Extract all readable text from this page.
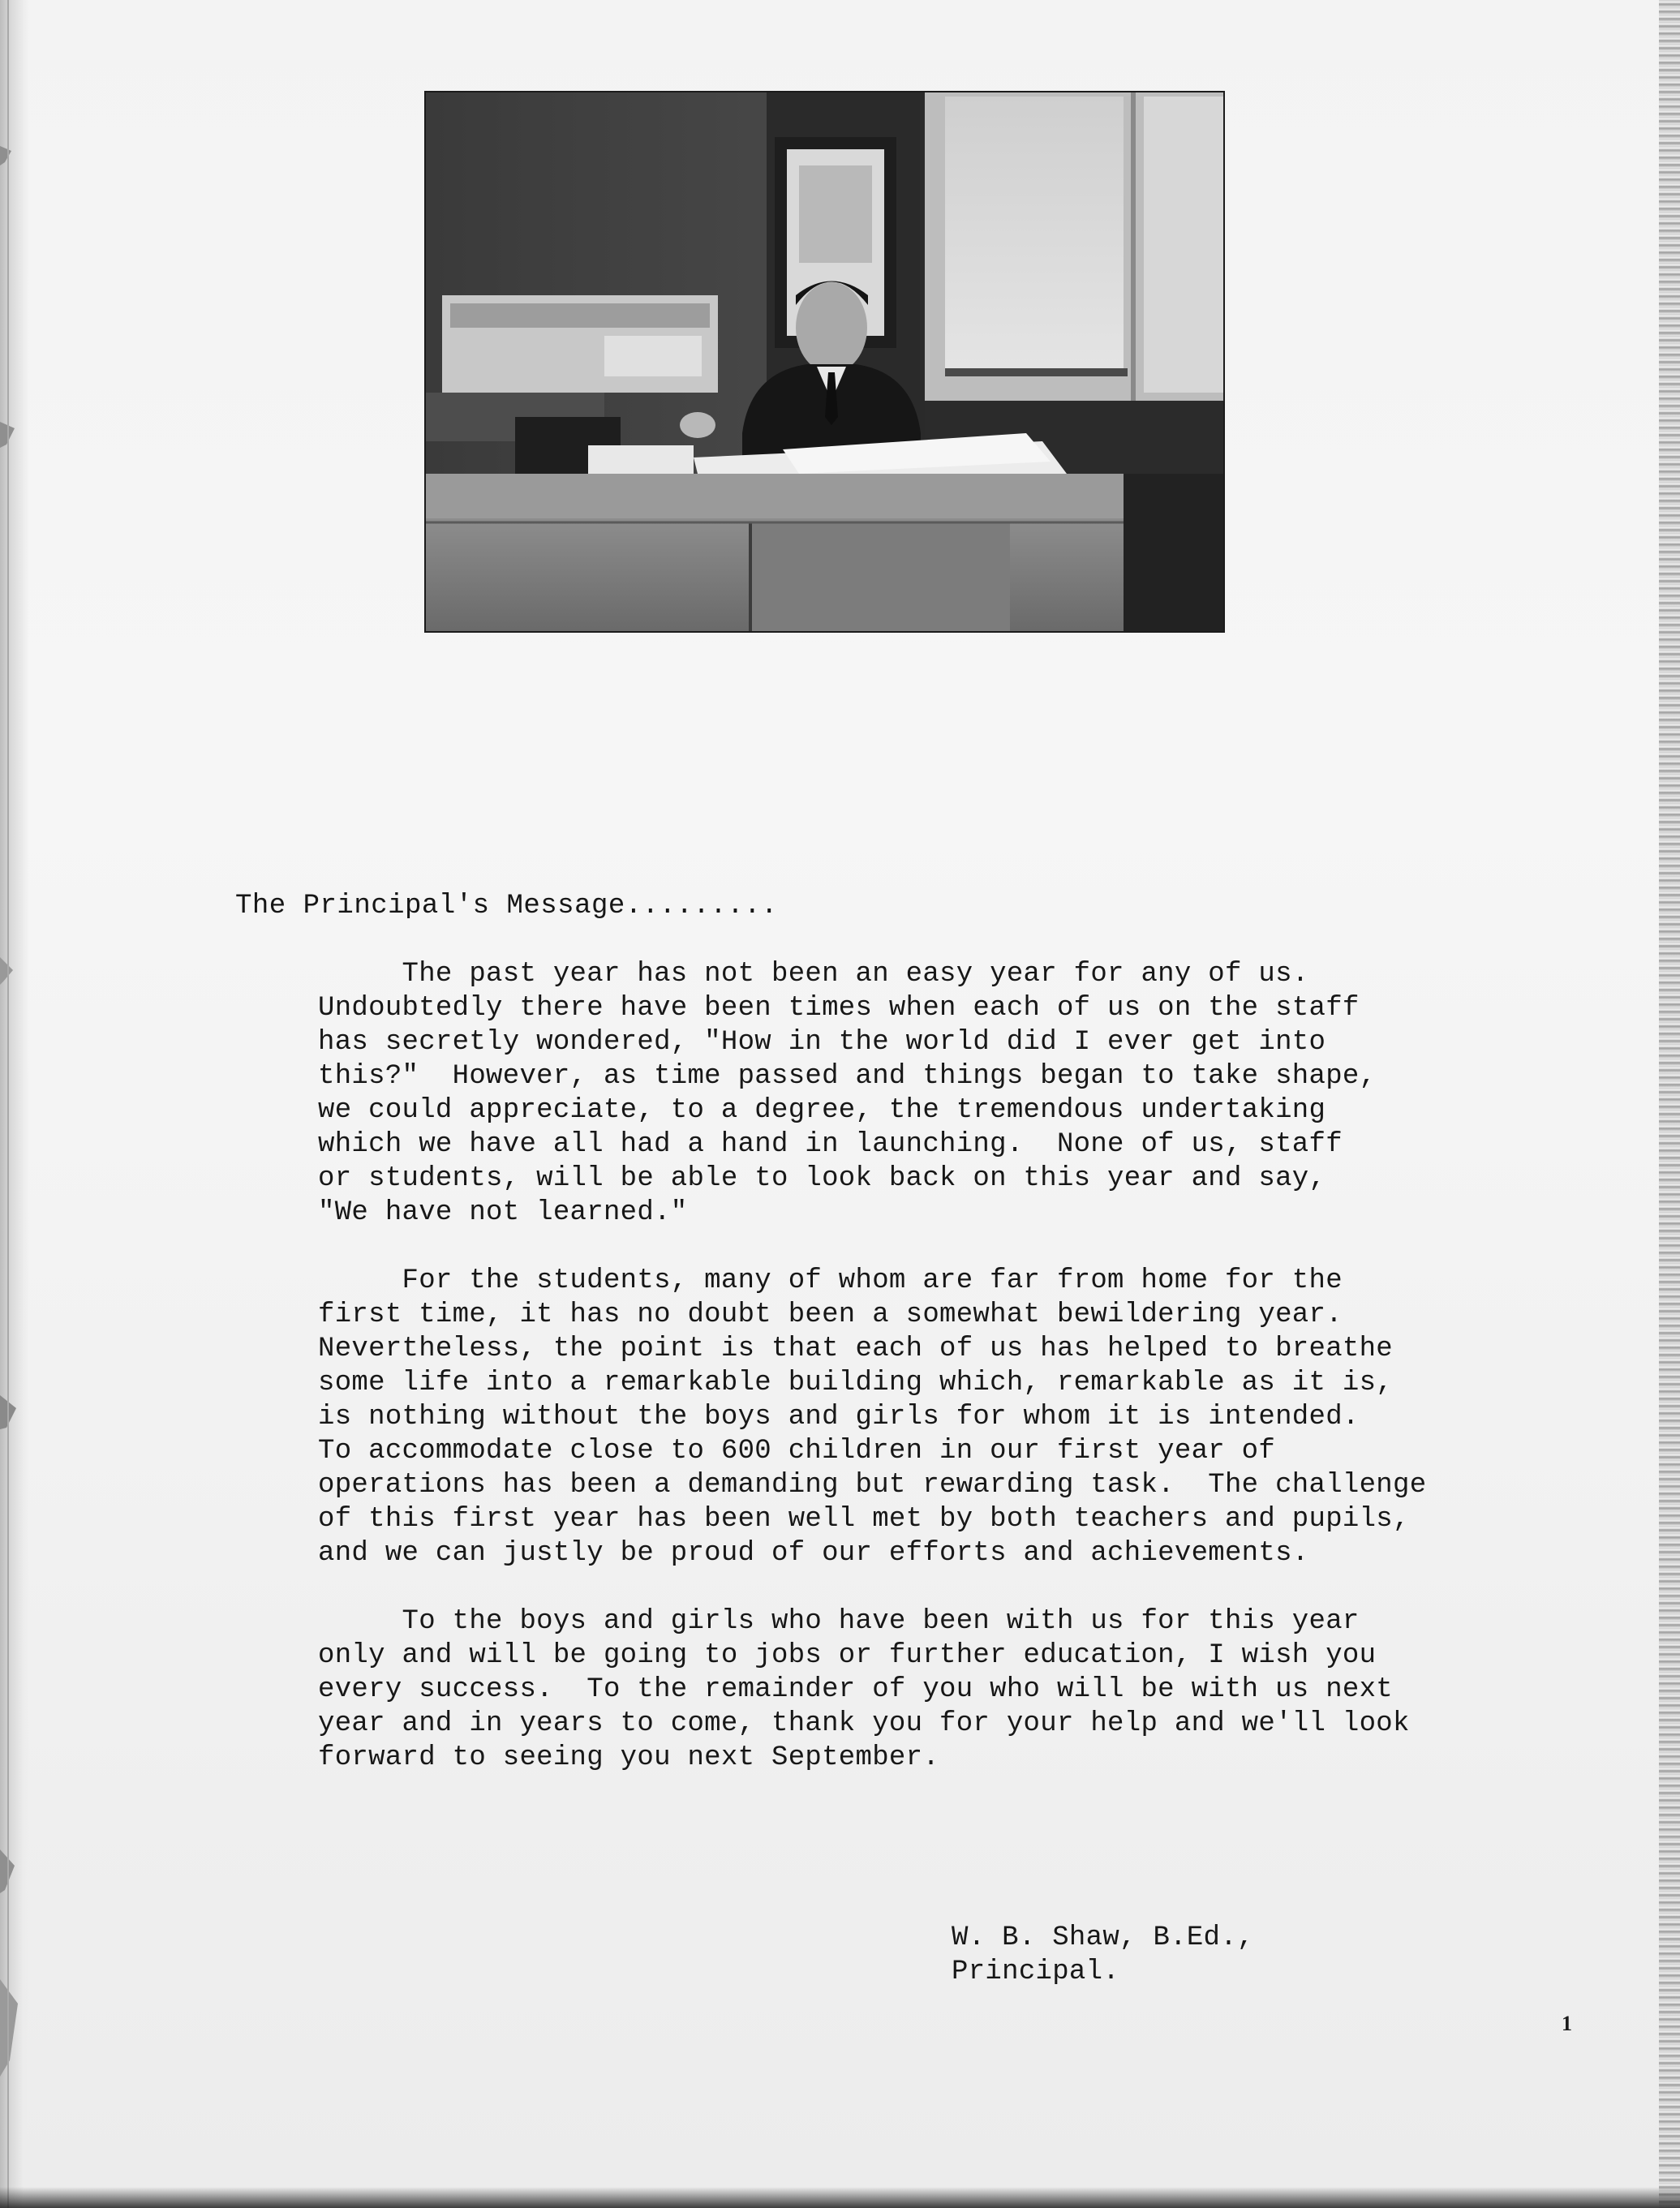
The Principal's Message.........
The past year has not been an easy year for any of us.
Undoubtedly there have been times when each of us on the staff
has secretly wondered, "How in the world did I ever get into
this?"  However, as time passed and things began to take shape,
we could appreciate, to a degree, the tremendous undertaking
which we have all had a hand in launching.  None of us, staff
or students, will be able to look back on this year and say,
"We have not learned."
For the students, many of whom are far from home for the
first time, it has no doubt been a somewhat bewildering year.
Nevertheless, the point is that each of us has helped to breathe
some life into a remarkable building which, remarkable as it is,
is nothing without the boys and girls for whom it is intended.
To accommodate close to 600 children in our first year of
operations has been a demanding but rewarding task.  The challenge
of this first year has been well met by both teachers and pupils,
and we can justly be proud of our efforts and achievements.
To the boys and girls who have been with us for this year
only and will be going to jobs or further education, I wish you
every success.  To the remainder of you who will be with us next
year and in years to come, thank you for your help and we'll look
forward to seeing you next September.
W. B. Shaw, B.Ed.,
Principal.
1
